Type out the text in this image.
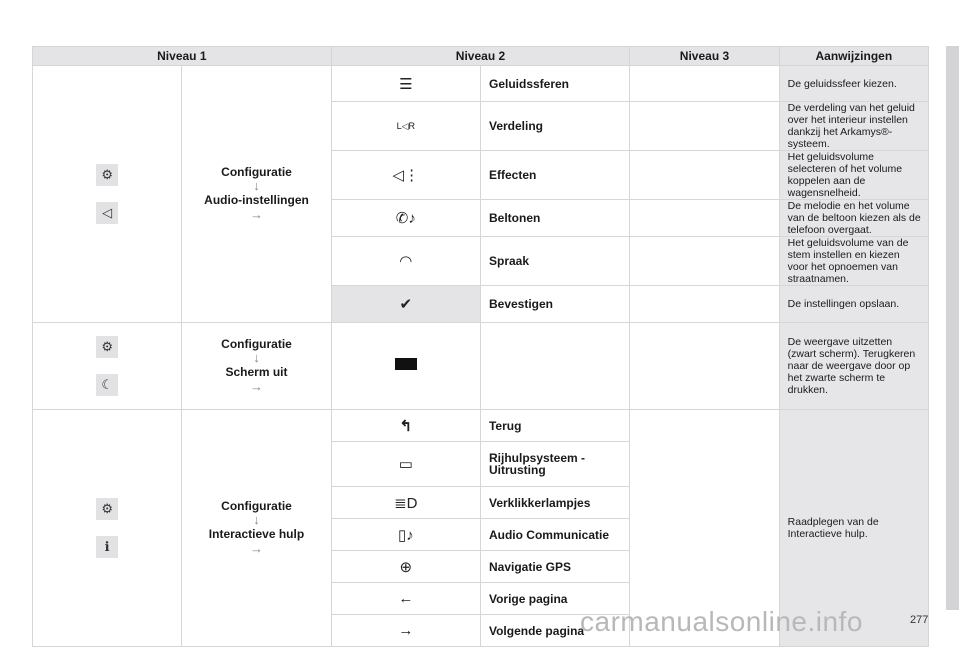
Niveau 1		Niveau 2		Niveau 3	Aanwijzingen
⚙
◁	Configuratie
↓
Audio-instellingen
→	☰	Geluidssferen		De geluidssfeer kiezen.
		L◁R	Verdeling		De verdeling van het geluid over het interieur instellen dankzij het Arkamys®-systeem.
		◁⋮	Effecten		Het geluidsvolume selecteren of het volume koppelen aan de wagensnelheid.
		✆♪	Beltonen		De melodie en het volume van de beltoon kiezen als de telefoon overgaat.
		◠	Spraak		Het geluidsvolume van de stem instellen en kiezen voor het opnoemen van straatnamen.
		✔	Bevestigen		De instellingen opslaan.
⚙
☾	Configuratie
↓
Scherm uit
→				De weergave uitzetten (zwart scherm). Terugkeren naar de weergave door op het zwarte scherm te drukken.
⚙
ℹ	Configuratie
↓
Interactieve hulp
→	↰	Terug		Raadplegen van de Interactieve hulp.
		▭	Rijhulpsysteem - Uitrusting		
		≣D	Verklikkerlampjes		
		▯♪	Audio Communicatie		
		⊕	Navigatie GPS		
		←	Vorige pagina		
		→	Volgende pagina		
carmanualsonline.info	277
